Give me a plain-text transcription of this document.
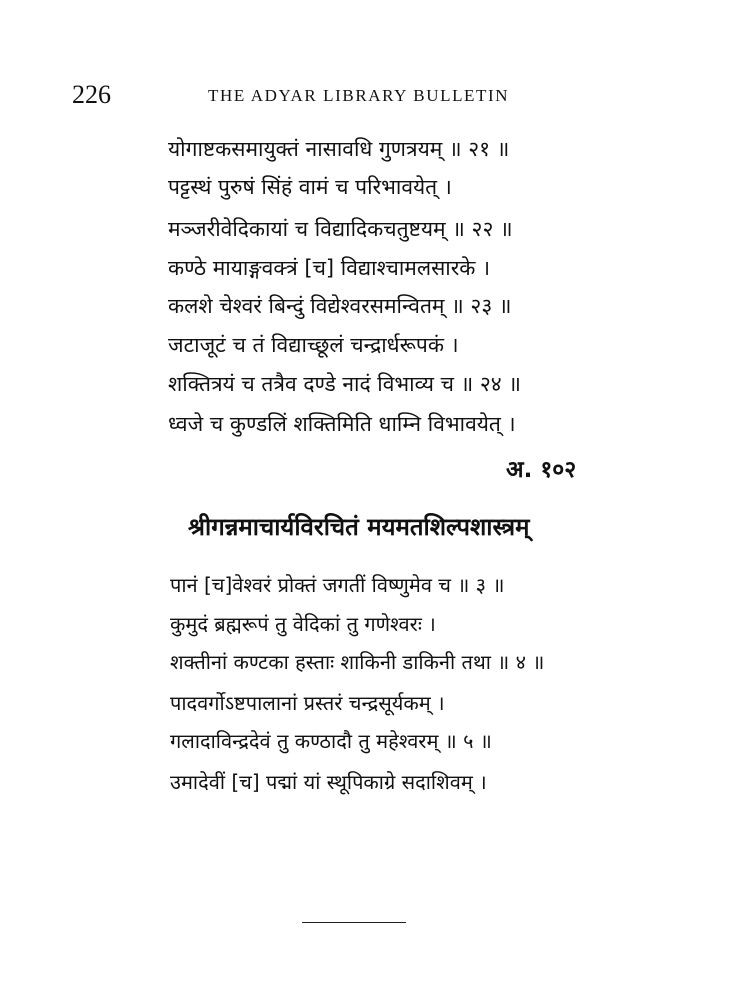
226	THE ADYAR LIBRARY BULLETIN
योगाष्टकसमायुक्तं नासावधि गुणत्रयम् ॥ २१ ॥
पट्टस्थं पुरुषं सिंहं वामं च परिभावयेत् ।
मञ्जरीवेदिकायां च विद्यादिकचतुष्टयम् ॥ २२ ॥
कण्ठे मायाङ्गवक्त्रं [च] विद्याश्चामलसारके ।
कलशे चेश्वरं बिन्दुं विद्येश्वरसमन्वितम् ॥ २३ ॥
जटाजूटं च तं विद्याच्छूलं चन्द्रार्धरूपकं ।
शक्तित्रयं च तत्रैव दण्डे नादं विभाव्य च ॥ २४ ॥
ध्वजे च कुण्डलिं शक्तिमिति धाम्नि विभावयेत् ।
अ. १०२
श्रीगन्नमाचार्यविरचितं मयमतशिल्पशास्त्रम्
पानं [च]वेश्वरं प्रोक्तं जगतीं विष्णुमेव च ॥ ३ ॥
कुमुदं ब्रह्मरूपं तु वेदिकां तु गणेश्वरः ।
शक्तीनां कण्टका हस्ताः शाकिनी डाकिनी तथा ॥ ४ ॥
पादवर्गोऽष्टपालानां प्रस्तरं चन्द्रसूर्यकम् ।
गलादाविन्द्रदेवं तु कण्ठादौ तु महेश्वरम् ॥ ५ ॥
उमादेवीं [च] पद्मां यां स्थूपिकाग्रे सदाशिवम् ।
